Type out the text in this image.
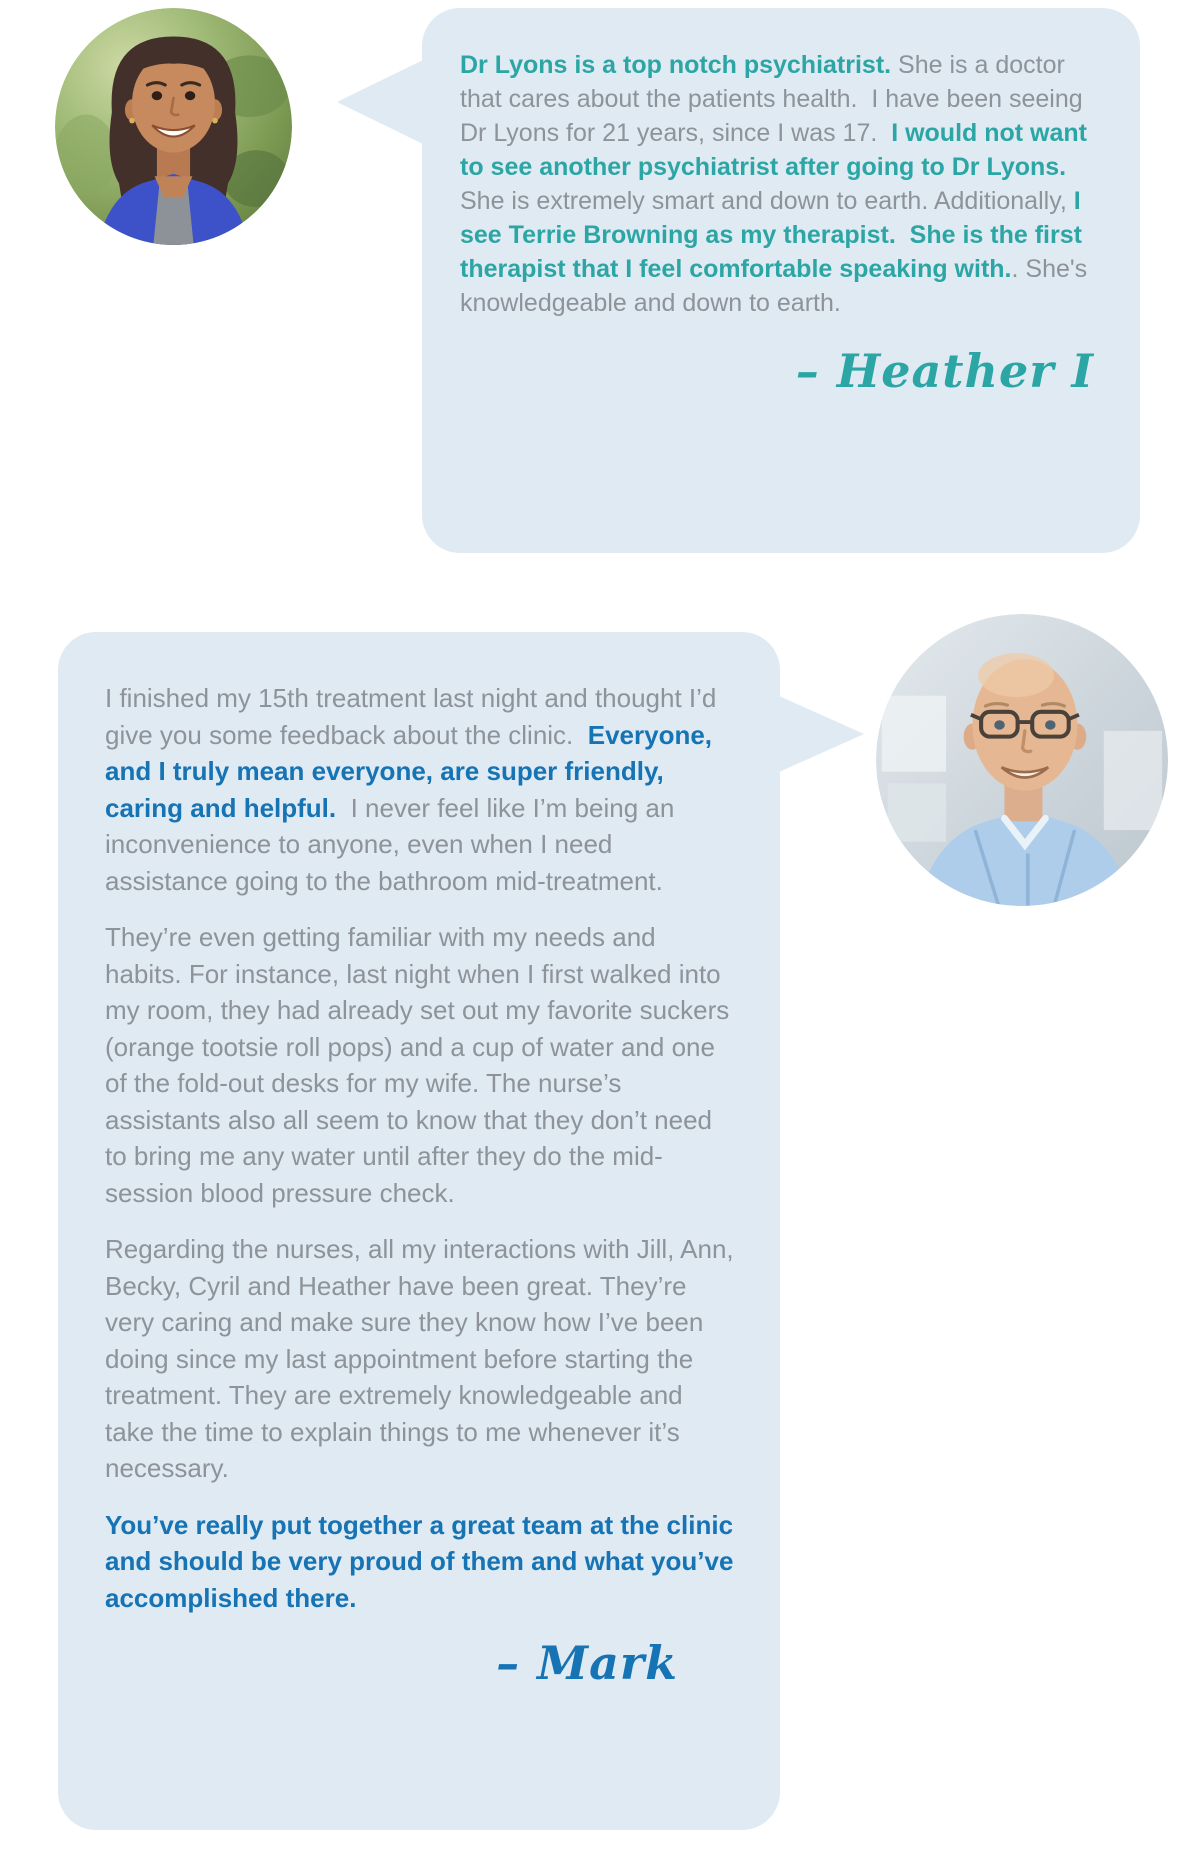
Dr Lyons is a top notch psychiatrist. She is a doctor that cares about the patients health.  I have been seeing Dr Lyons for 21 years, since I was 17.  I would not want to see another psychiatrist after going to Dr Lyons.  She is extremely smart and down to earth. Additionally, I see Terrie Browning as my therapist.  She is the first therapist that I feel comfortable speaking with.. She's knowledgeable and down to earth.

– Heather I

I finished my 15th treatment last night and thought I’d give you some feedback about the clinic.  Everyone, and I truly mean everyone, are super friendly, caring and helpful.  I never feel like I’m being an inconvenience to anyone, even when I need assistance going to the bathroom mid-treatment.

They’re even getting familiar with my needs and habits. For instance, last night when I first walked into my room, they had already set out my favorite suckers (orange tootsie roll pops) and a cup of water and one of the fold-out desks for my wife. The nurse’s assistants also all seem to know that they don’t need to bring me any water until after they do the mid-session blood pressure check.

Regarding the nurses, all my interactions with Jill, Ann, Becky, Cyril and Heather have been great. They’re very caring and make sure they know how I’ve been doing since my last appointment before starting the treatment. They are extremely knowledgeable and take the time to explain things to me whenever it’s necessary.

You’ve really put together a great team at the clinic and should be very proud of them and what you’ve accomplished there.

– Mark
